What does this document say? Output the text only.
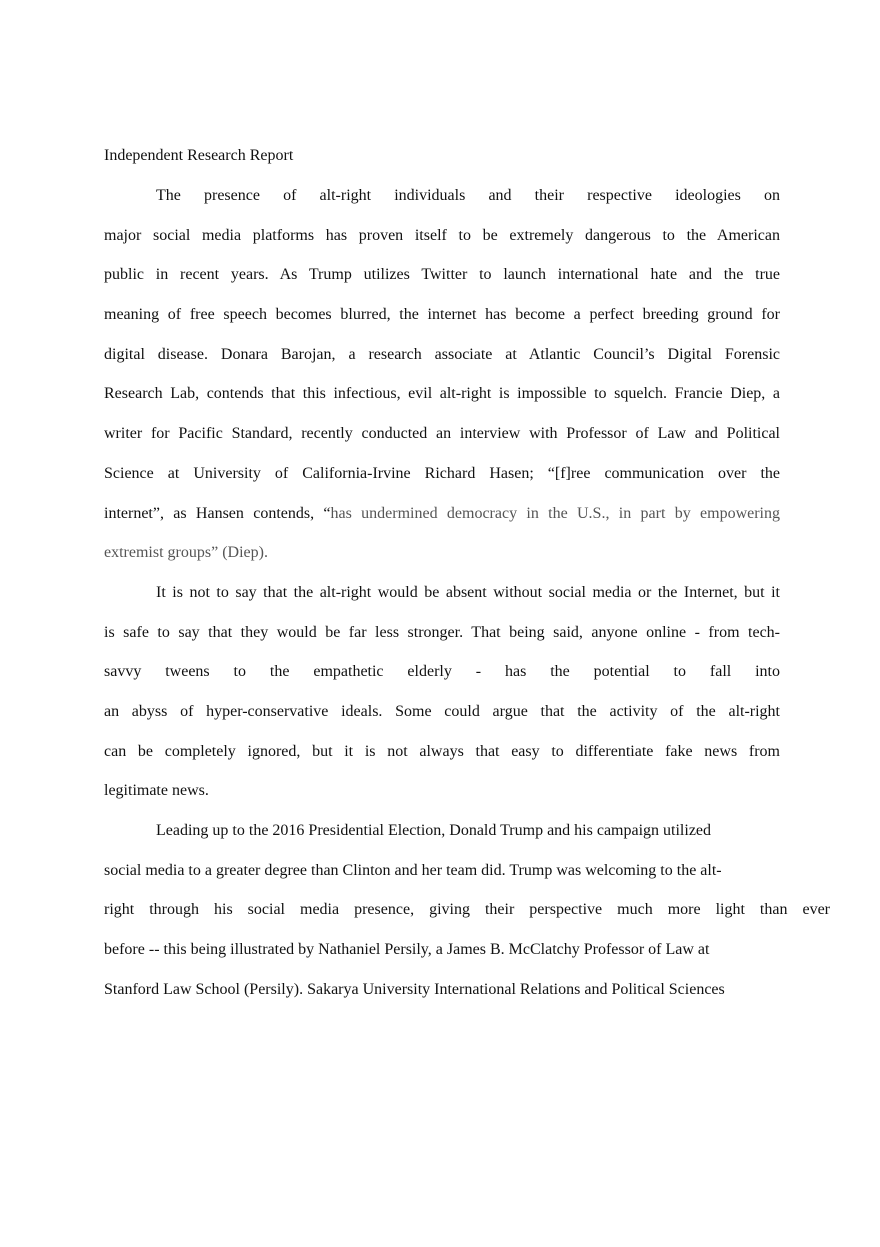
Independent Research Report
The presence of alt-right individuals and their respective ideologies on
major social media platforms has proven itself to be extremely dangerous to the American
public in recent years. As Trump utilizes Twitter to launch international hate and the true
meaning of free speech becomes blurred, the internet has become a perfect breeding ground for
digital disease. Donara Barojan, a research associate at Atlantic Council’s Digital Forensic
Research Lab, contends that this infectious, evil alt-right is impossible to squelch. Francie Diep, a
writer for Pacific Standard, recently conducted an interview with Professor of Law and Political
Science at University of California-Irvine Richard Hasen; “[f]ree communication over the
internet”, as Hansen contends, “has undermined democracy in the U.S., in part by empowering
extremist groups” (Diep).
It is not to say that the alt-right would be absent without social media or the Internet, but it
is safe to say that they would be far less stronger. That being said, anyone online - from tech-
savvy tweens to the empathetic elderly - has the potential to fall into
an abyss of hyper-conservative ideals. Some could argue that the activity of the alt-right
can be completely ignored, but it is not always that easy to differentiate fake news from
legitimate news.
Leading up to the 2016 Presidential Election, Donald Trump and his campaign utilized
social media to a greater degree than Clinton and her team did. Trump was welcoming to the alt-
right through his social media presence, giving their perspective much more light than ever
before -- this being illustrated by Nathaniel Persily, a James B. McClatchy Professor of Law at
Stanford Law School (Persily). Sakarya University International Relations and Political Sciences
